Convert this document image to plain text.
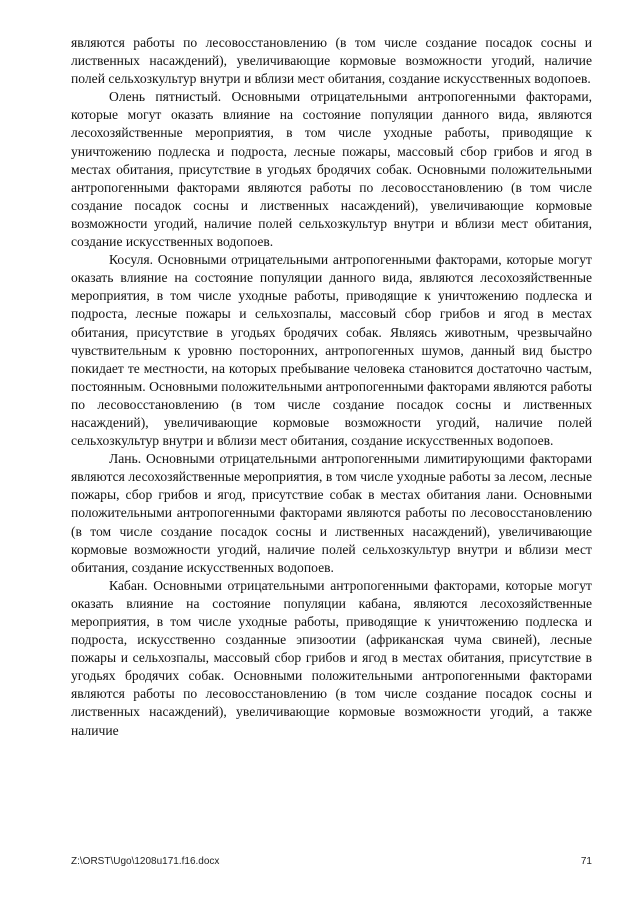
являются работы по лесовосстановлению (в том числе создание посадок сосны и лиственных насаждений), увеличивающие кормовые возможности угодий, наличие полей сельхозкультур внутри и вблизи мест обитания, создание искусственных водопоев.

Олень пятнистый. Основными отрицательными антропогенными факторами, которые могут оказать влияние на состояние популяции данного вида, являются лесохозяйственные мероприятия, в том числе уходные работы, приводящие к уничтожению подлеска и подроста, лесные пожары, массовый сбор грибов и ягод в местах обитания, присутствие в угодьях бродячих собак. Основными положительными антропогенными факторами являются работы по лесовосстановлению (в том числе создание посадок сосны и лиственных насаждений), увеличивающие кормовые возможности угодий, наличие полей сельхозкультур внутри и вблизи мест обитания, создание искусственных водопоев.

Косуля. Основными отрицательными антропогенными факторами, которые могут оказать влияние на состояние популяции данного вида, являются лесохозяйственные мероприятия, в том числе уходные работы, приводящие к уничтожению подлеска и подроста, лесные пожары и сельхозпалы, массовый сбор грибов и ягод в местах обитания, присутствие в угодьях бродячих собак. Являясь животным, чрезвычайно чувствительным к уровню посторонних, антропогенных шумов, данный вид быстро покидает те местности, на которых пребывание человека становится достаточно частым, постоянным. Основными положительными антропогенными факторами являются работы по лесовосстановлению (в том числе создание посадок сосны и лиственных насаждений), увеличивающие кормовые возможности угодий, наличие полей сельхозкультур внутри и вблизи мест обитания, создание искусственных водопоев.

Лань. Основными отрицательными антропогенными лимитирующими факторами являются лесохозяйственные мероприятия, в том числе уходные работы за лесом, лесные пожары, сбор грибов и ягод, присутствие собак в местах обитания лани. Основными положительными антропогенными факторами являются работы по лесовосстановлению (в том числе создание посадок сосны и лиственных насаждений), увеличивающие кормовые возможности угодий, наличие полей сельхозкультур внутри и вблизи мест обитания, создание искусственных водопоев.

Кабан. Основными отрицательными антропогенными факторами, которые могут оказать влияние на состояние популяции кабана, являются лесохозяйственные мероприятия, в том числе уходные работы, приводящие к уничтожению подлеска и подроста, искусственно созданные эпизоотии (африканская чума свиней), лесные пожары и сельхозпалы, массовый сбор грибов и ягод в местах обитания, присутствие в угодьях бродячих собак. Основными положительными антропогенными факторами являются работы по лесовосстановлению (в том числе создание посадок сосны и лиственных насаждений), увеличивающие кормовые возможности угодий, а также наличие

Z:\ORST\Ugo\1208u171.f16.docx	71
